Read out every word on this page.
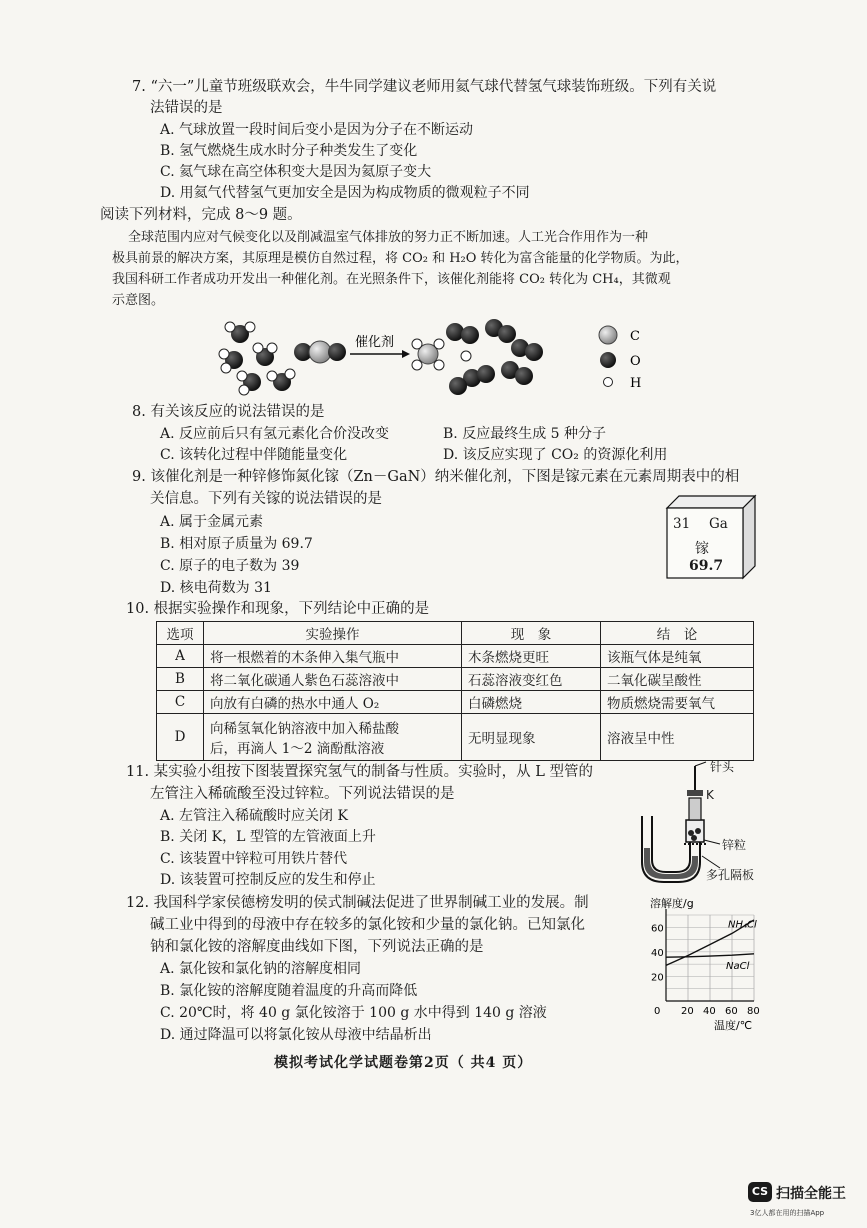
7. “六一”儿童节班级联欢会，牛牛同学建议老师用氦气球代替氢气球装饰班级。下列有关说
法错误的是
A. 气球放置一段时间后变小是因为分子在不断运动
B. 氢气燃烧生成水时分子种类发生了变化
C. 氦气球在高空体积变大是因为氦原子变大
D. 用氦气代替氢气更加安全是因为构成物质的微观粒子不同
阅读下列材料，完成 8～9 题。
全球范围内应对气候变化以及削减温室气体排放的努力正不断加速。人工光合作用作为一种
极具前景的解决方案，其原理是模仿自然过程，将 CO₂ 和 H₂O 转化为富含能量的化学物质。为此，
我国科研工作者成功开发出一种催化剂。在光照条件下，该催化剂能将 CO₂ 转化为 CH₄，其微观
示意图。
催化剂	C
O
H
8. 有关该反应的说法错误的是
A. 反应前后只有氢元素化合价没改变	B. 反应最终生成 5 种分子
C. 该转化过程中伴随能量变化	D. 该反应实现了 CO₂ 的资源化利用
9. 该催化剂是一种锌修饰氮化镓（Zn－GaN）纳米催化剂，下图是镓元素在元素周期表中的相
关信息。下列有关镓的说法错误的是
A. 属于金属元素
B. 相对原子质量为 69.7
C. 原子的电子数为 39
D. 核电荷数为 31
31 Ga
镓
69.7
10. 根据实验操作和现象，下列结论中正确的是
选项	实验操作	现　象	结　论
A	将一根燃着的木条伸入集气瓶中	木条燃烧更旺	该瓶气体是纯氧
B	将二氧化碳通人紫色石蕊溶液中	石蕊溶液变红色	二氧化碳呈酸性
C	向放有白磷的热水中通人 O₂	白磷燃烧	物质燃烧需要氧气
D	向稀氢氧化钠溶液中加入稀盐酸
后，再滴人 1～2 滴酚酞溶液	无明显现象	溶液呈中性
11. 某实验小组按下图装置探究氢气的制备与性质。实验时，从 L 型管的
左管注入稀硫酸至没过锌粒。下列说法错误的是
A. 左管注入稀硫酸时应关闭 K
B. 关闭 K，L 型管的左管液面上升
C. 该装置中锌粒可用铁片替代
D. 该装置可控制反应的发生和停止
针头
K
锌粒
多孔隔板
12. 我国科学家侯德榜发明的侯式制碱法促进了世界制碱工业的发展。制
碱工业中得到的母液中存在较多的氯化铵和少量的氯化钠。已知氯化
钠和氯化铵的溶解度曲线如下图，下列说法正确的是
A. 氯化铵和氯化钠的溶解度相同
B. 氯化铵的溶解度随着温度的升高而降低
C. 20℃时，将 40 g 氯化铵溶于 100 g 水中得到 140 g 溶液
D. 通过降温可以将氯化铵从母液中结晶析出
溶解度/g
温度/℃
0 20 40 60 80
20
40
60	NH₄Cl
NaCl
模拟考试化学试题卷第2页（ 共4 页）
CS 扫描全能王
3亿人都在用的扫描App
